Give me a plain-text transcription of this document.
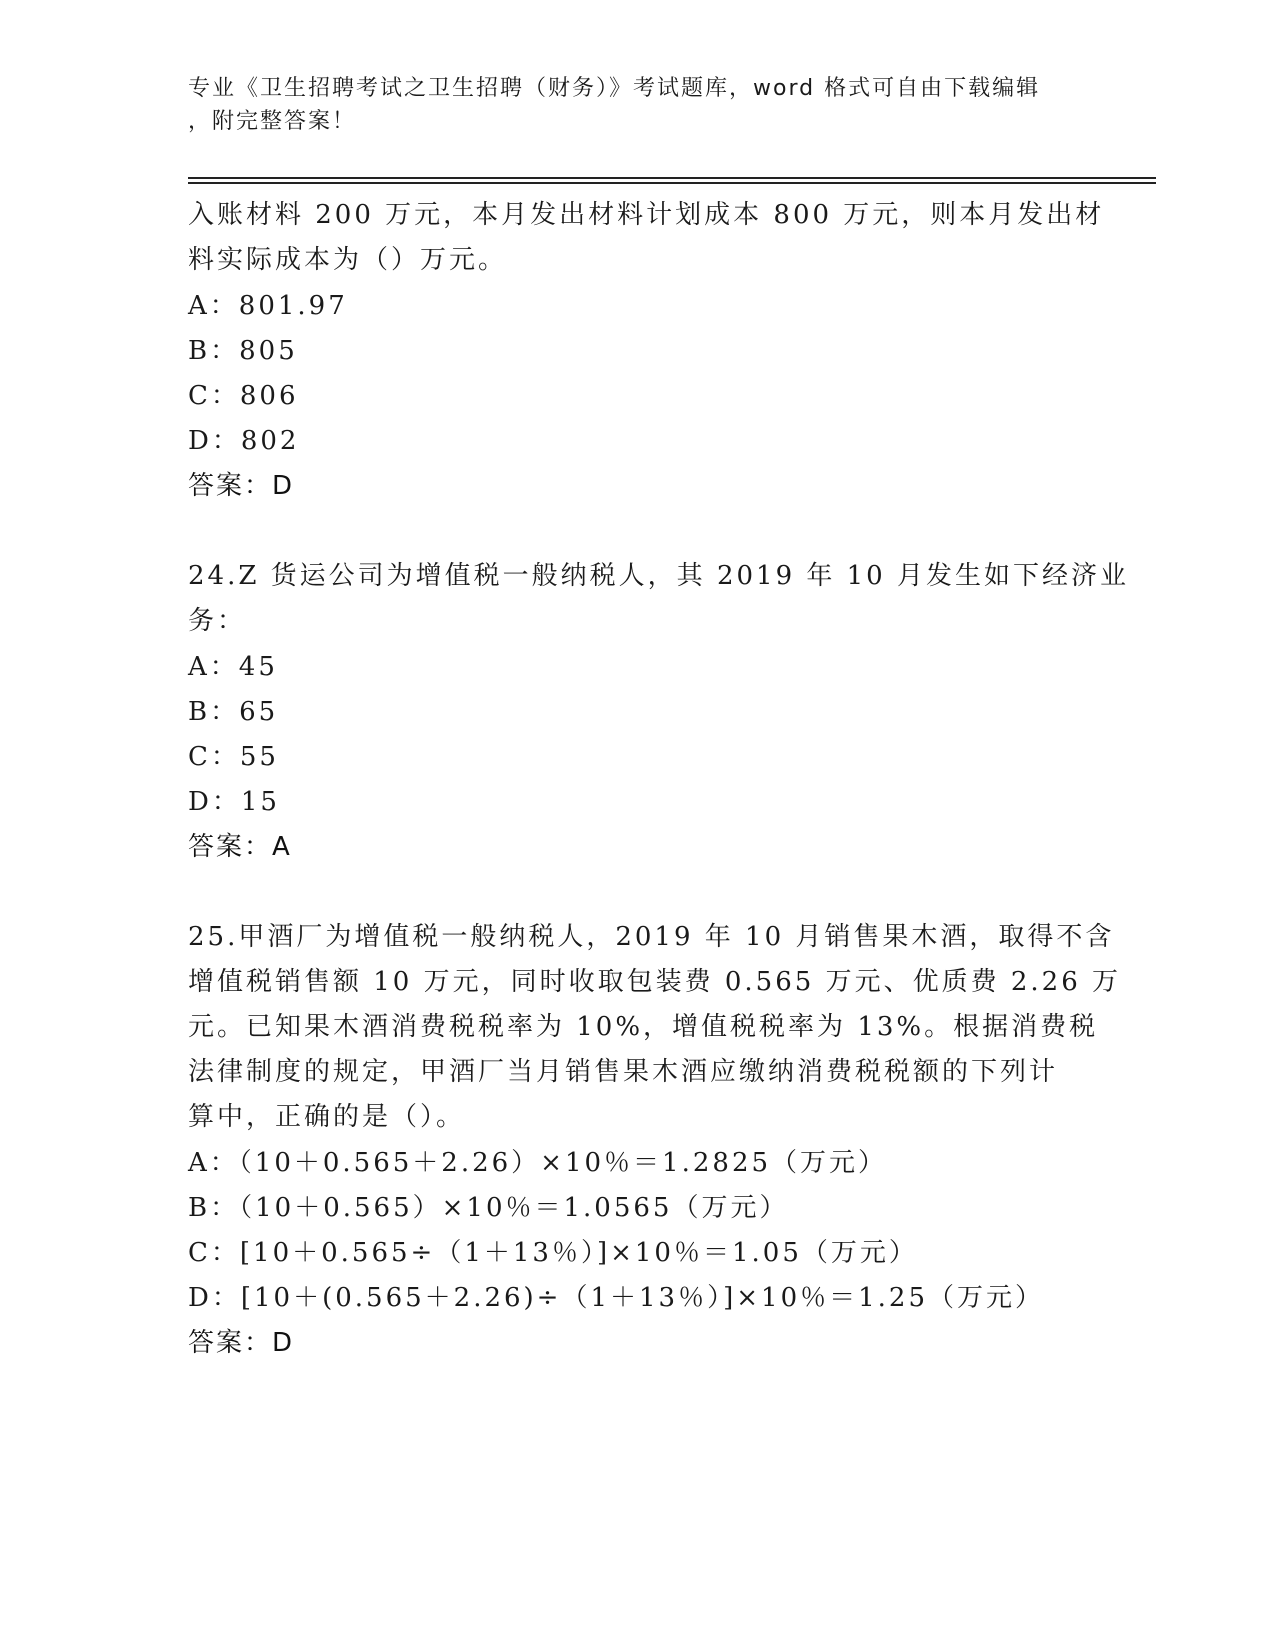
专业《卫生招聘考试之卫生招聘（财务）》考试题库，word 格式可自由下载编辑
，附完整答案！
入账材料 200 万元，本月发出材料计划成本 800 万元，则本月发出材
料实际成本为（）万元。
A：801.97
B：805
C：806
D：802
答案：D
24.Z 货运公司为增值税一般纳税人，其 2019 年 10 月发生如下经济业
务：
A：45
B：65
C：55
D：15
答案：A
25.甲酒厂为增值税一般纳税人，2019 年 10 月销售果木酒，取得不含
增值税销售额 10 万元，同时收取包装费 0.565 万元、优质费 2.26 万
元。已知果木酒消费税税率为 10%，增值税税率为 13%。根据消费税
法律制度的规定，甲酒厂当月销售果木酒应缴纳消费税税额的下列计
算中，正确的是（）。
A：（10＋0.565＋2.26）×10％＝1.2825（万元）
B：（10＋0.565）×10％＝1.0565（万元）
C：[10＋0.565÷（1＋13％）]×10％＝1.05（万元）
D：[10＋(0.565＋2.26)÷（1＋13％）]×10％＝1.25（万元）
答案：D
